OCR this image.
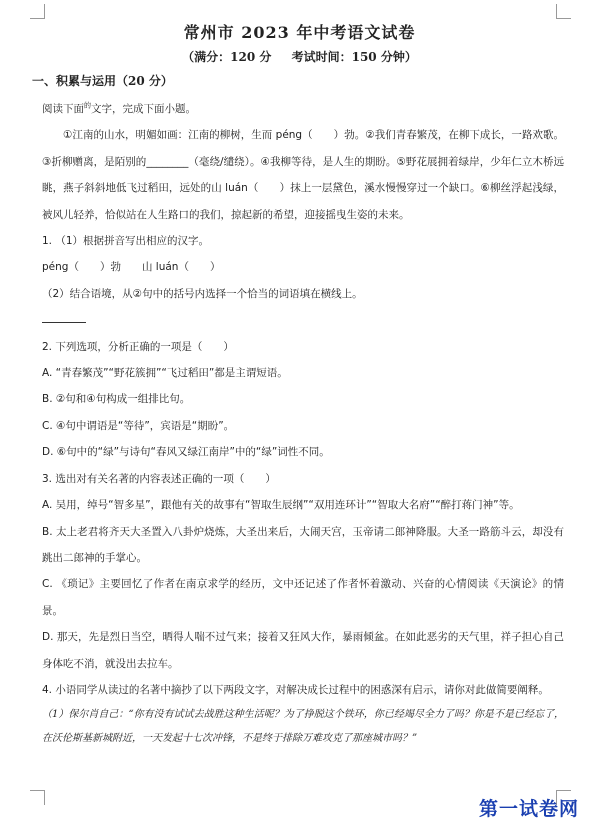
常州市 2023 年中考语文试卷
（满分：120 分 考试时间：150 分钟）
一、积累与运用（20 分）

阅读下面$^的$文字，完成下面小题。

①江南的山水，明媚如画：江南的柳树，生而 péng（　　）勃。②我们青春繁茂，在柳下成长，一路欢歌。③折柳赠离，是陌别的________（毫绕/缱绕）。④我柳等待，是人生的期盼。⑤野花展拥着绿岸，少年仁立木桥远眺，燕子斜斜地低飞过稻田，远处的山 luán（　　）抹上一层黛色，溪水慢慢穿过一个缺口。⑥柳丝浮起浅绿，被风儿轻养，恰似站在人生路口的我们，掠起新的希望，迎接摇曳生姿的未来。

1. （1）根据拼音写出相应的汉字。

péng（　　）勃　　山 luán（　　）

（2）结合语境，从②句中的括号内选择一个恰当的词语填在横线上。

2. 下列选项，分析正确的一项是（　　）

A. “青春繁茂”“野花簇拥”“飞过稻田”都是主谓短语。

B. ②句和④句构成一组排比句。

C. ④句中谓语是“等待”，宾语是“期盼”。

D. ⑥句中的“绿”与诗句“春风又绿江南岸”中的“绿”词性不同。

3. 选出对有关名著的内容表述正确的一项（　　）

A. 吴用，绰号“智多星”，跟他有关的故事有“智取生辰纲”“双用连环计”“智取大名府”“醉打蒋门神”等。

B. 太上老君将齐天大圣置入八卦炉烧炼，大圣出来后，大闹天宫，玉帝请二郎神降服。大圣一路筋斗云，却没有跳出二郎神的手掌心。

C. 《琐记》主要回忆了作者在南京求学的经历，文中还记述了作者怀着激动、兴奋的心情阅读《天演论》的情景。

D. 那天，先是烈日当空，晒得人喘不过气来；接着又狂风大作，暴雨倾盆。在如此恶劣的天气里，祥子担心自己身体吃不消，就没出去拉车。

4. 小语同学从读过的名著中摘抄了以下两段文字，对解决成长过程中的困惑深有启示，请你对此做简要阐释。

（1）保尔肖自己：“你有没有试试去战胜这种生活呢？为了挣脱这个铁环，你已经竭尽全力了吗？你是不是已经忘了，在沃伦斯基新城附近，一天发起十七次冲锋，不是终于排除万难攻克了那座城市吗？”

第一试卷网
